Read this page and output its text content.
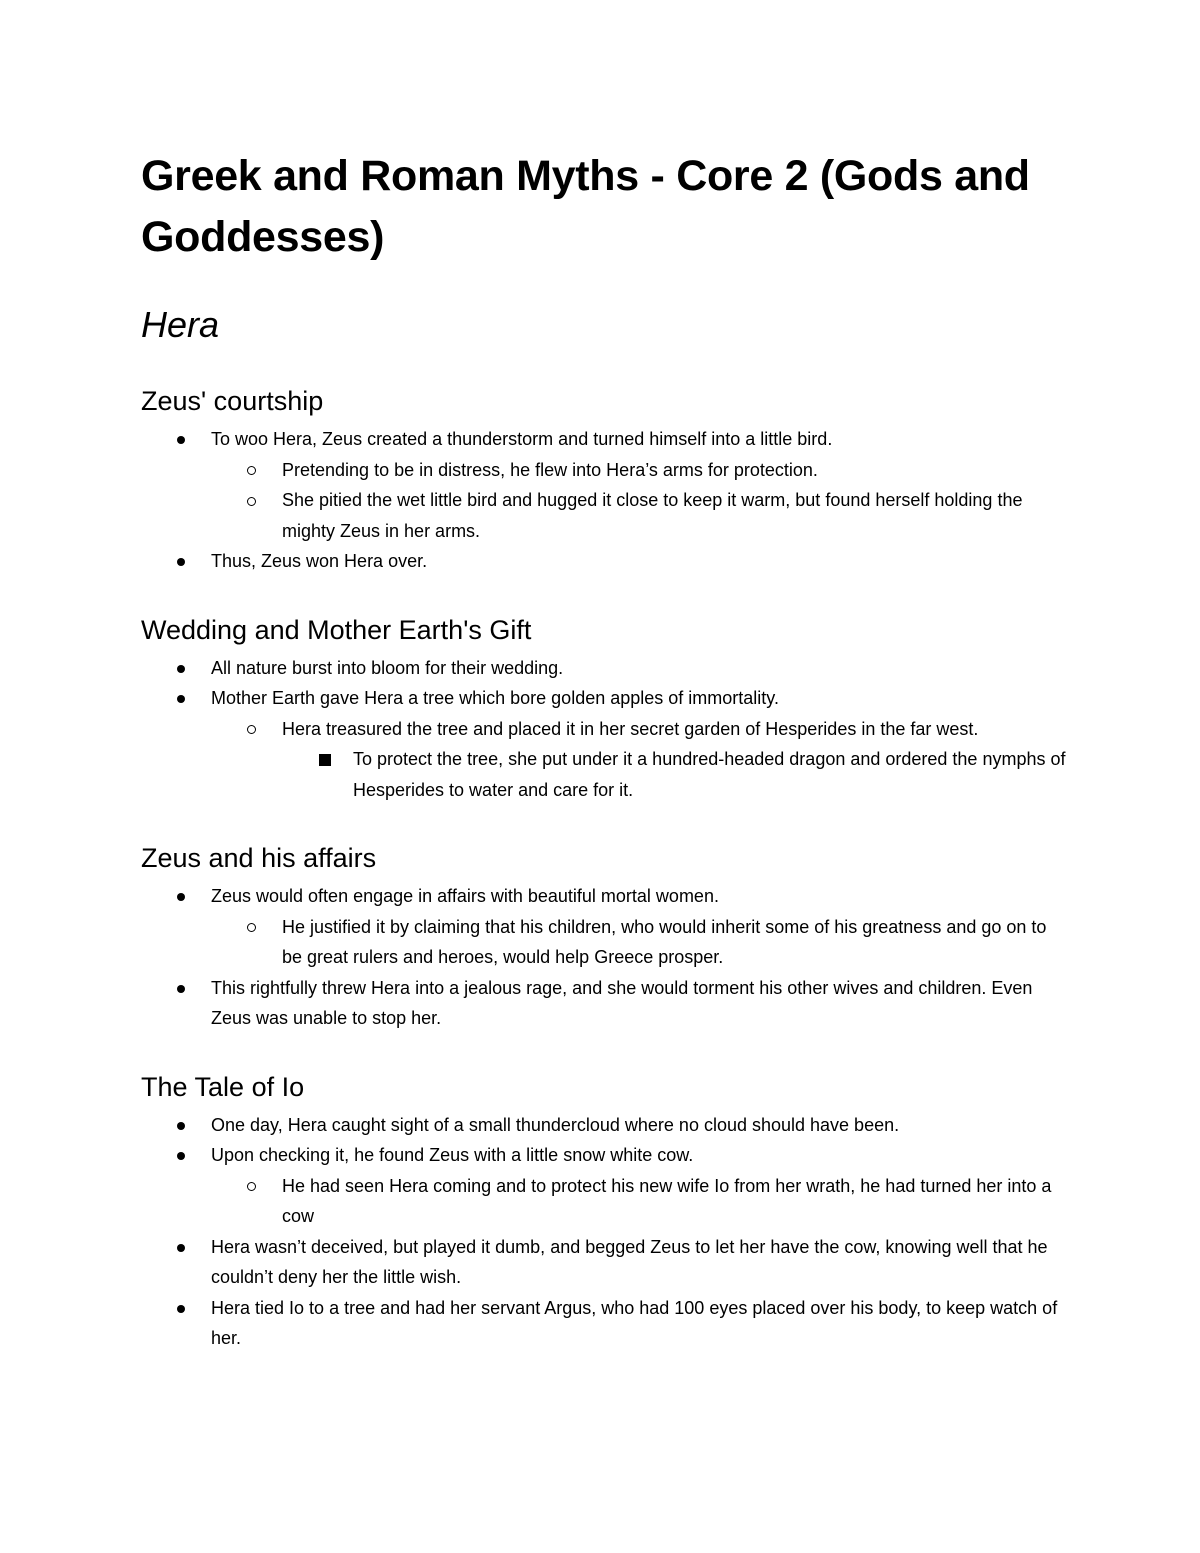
Greek and Roman Myths - Core 2 (Gods and Goddesses)
Hera
Zeus' courtship
To woo Hera, Zeus created a thunderstorm and turned himself into a little bird.
Pretending to be in distress, he flew into Hera’s arms for protection.
She pitied the wet little bird and hugged it close to keep it warm, but found herself holding the mighty Zeus in her arms.
Thus, Zeus won Hera over.
Wedding and Mother Earth's Gift
All nature burst into bloom for their wedding.
Mother Earth gave Hera a tree which bore golden apples of immortality.
Hera treasured the tree and placed it in her secret garden of Hesperides in the far west.
To protect the tree, she put under it a hundred-headed dragon and ordered the nymphs of Hesperides to water and care for it.
Zeus and his affairs
Zeus would often engage in affairs with beautiful mortal women.
He justified it by claiming that his children, who would inherit some of his greatness and go on to be great rulers and heroes, would help Greece prosper.
This rightfully threw Hera into a jealous rage, and she would torment his other wives and children. Even Zeus was unable to stop her.
The Tale of Io
One day, Hera caught sight of a small thundercloud where no cloud should have been.
Upon checking it, he found Zeus with a little snow white cow.
He had seen Hera coming and to protect his new wife Io from her wrath, he had turned her into a cow
Hera wasn’t deceived, but played it dumb, and begged Zeus to let her have the cow, knowing well that he couldn’t deny her the little wish.
Hera tied Io to a tree and had her servant Argus, who had 100 eyes placed over his body, to keep watch of her.
